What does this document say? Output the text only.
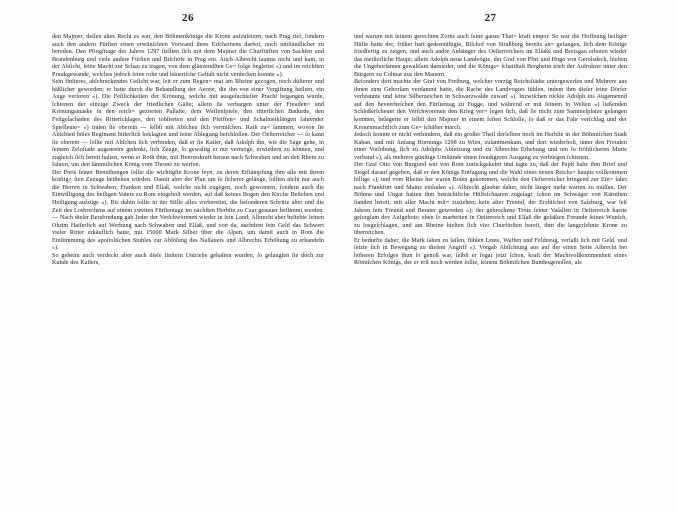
26

den Majmer, deſſen altes Recht es war, den Böhmenkönige die Krone aufzuſetzen, nach Prag rief, ſondern auch den andern Fürſten einen erwünſchten Vorwand ihres Erſcheinens darbot, noch umſtändlicher zu bereden. Den Pfingſttage des Jahres 1297 ſtellten ſich mit dem Majmer die Churfürſten von Sachſen und Brandenburg und viele andere Fürſten und Biſchöfe in Prag ein. Auch Albrecht ſaumte nicht und kam, in der Abſicht, ſeine Macht zur Schau zu tragen, von dem glänzendſten Ge= folge begleitet «) und im reichſten Pruukgewande, welches jedoch ſeine rohe und bäueriſche Geſtalt nicht verdecken konnte «).

Sein finſteres, abſchreckendes Geſicht war, ſeit er zum Regen= mat am Rheine gezogen, noch düſterer und häßlicher geworden; er hatte durch die Behandlung der Aerzte, die ihn von einer Vergiftung heilten, ein Auge verloren «). Die Feſtlichkeiten der Krönung, welche mit ausgeſuchteſter Pracht begangen wurde, ſchienen der einzige Zweck der friedlichen Gäſte; allein ſie verbargen unter der Freuden= und Krönungsmaske in den reich= gezierten Pallaſte, dem Waffenſpiele, den ritterlichen Badurde, den Feſtgelachaden des Ritterſchlages, den tobſierten und den Pfeiffen= und Schalmeiklängen fahrender Spielleute= «) traten ſie oberein — ſelbſt mit Abſcheu ſich vermiſchen. Rath zu= ſammen, wovon ſie Abſchied böſes Regiment bitterlich beklagten und ſeine Ablegung beſchloſſen. Der Oeſterreicher — ſo kann ſie oberein — ſollte mit Abſcheu ſich verbinden, daß er ſie Kaiſer, daß Adolph ihn, wie die Sage gehe, in ſeinem Zeloſiade augenreim gedenkt, ſich Zeuge, ſo gewaltig er nur vermöge, erwiedern zu können, und zugleich ſich bereit halten, wenn er Roth thue, mit Heerreskraft heraus nach Schwaben und an den Rhein zu fahren, um den ſämmtlichen König vom Throne zu werfen.

Der Preis ſeiner Bemühungen ſollte die wichtigſte Krone ſeyn, zu deren Erſtämpfung ihm alle mit ihrem kräftig= ſten Zuzuge beiſtehen würden. Damit aber der Plan um ſo ſicherer gelänge, ſollten nicht nur auch die Herren in Schwaben, Franken und Elſaß, welche nicht zugegen, noch gewonnen, ſondern auch die Einwilligung des heiligen Vaters zu Rom eingeholt werden, auf daß keines Bogen den Kirche Beſtehen und Heiligung aufzüge «). Bis dahin ſollte in der Stille alles vorbereitet, die beſonderen Schritte aber und die Zeit des Losbrechens auf einem zweiten Fürſtentage im nächſten Herbſte zu Czar genauer beſtimmt werden. — Nach dieſer Berabredung gab Jeder der Verſchworenen wieder in ſein Land; Albrecht aber beſtebte ſeinen Ohrim Haiſerlich auf Werbung nach Schwaben und Elſaß, und von da, nachdem ſein Geld das Schwert vieler Ritter erkäuflich hatte, mit 15000 Mark Silber über die Alpen, um damit auch in Rom die Einſtimmung des apoſtoliſchen Stuhles zur Ablöſung des Naſſauers und Albrechts Erhöhung zu erhandeln «).

So geheim auch verdeckt aber auch dieſe finſtern Untriebe gehalten wurden, ſo gelangten ſie doch zur Kunde des Kaiſers,

27

und warum mit ſeinem gerechten Zorns auch ſeine ganze That= kraft empor. So war die Hoffnung heiliger Hülfe hatte der, früher hart gedemüthigte, Biſchof von Straßburg bereits an= gefangen, ſich dem Könige friedfertig zu zeigen, und auch andre Anhänger des Oeſterreichers im Elſaße und Breisgau erboten wieder das meiſterliche Haupt; allein Adolph neue Landvögte, der Graf von Pfirt und Hugo von Gerolsdeck, hielten die Ungehorſamen gewaltſam darnieder, und die Königs= ſchattſtaſt Bergheim trieb der Aufruhrer unter den Bürgern zu Colmar aus den Mauern.

Beſonders dort machte der Graf von Freiburg, welcher vorzüg Reichsſtädte untergewerſen und Mehrere aus ihnen zum Gehorſam verdammt hatte, die Rache des Landvogtes fühlen, indem ihm dieſer ſeine Dörfer verbrannte und ſeine Silberzeichen in Schwarzwalde zuwarf «). Inzwiſchen rückte Adolph ins Augemennd auf den beveerbeſchen den Fürſtentag zu Fugge, und während er mit ſeinem in Weſten «) ließenden Schloßerſcheuer den Verſchworenen den Krieg ver= legen ſich, daß ſie nicht zum Sammelplatze gelangen konnten, belagerte er ſelbſt den Majmer in einem feſten Schloſſe, ſo daß er das Fahr verſchlag und der Kronenmachtlich zum Ge= ſchäfter march.

Jedoch konnte er nicht verhindern, daß ein großer Theil derſelben noch im Herbſte in der Böhmiſchen Stadt Kaban, und mit Anfang Hornungs 1298 zu Wien, zuſammenkam, und dort wiederholt, unter den Freuden einer Vorlobung, ſich zu Adolphs Abſetzung und zu Albrechts Erhebung und um ſo fröhlicheren Mutte verband «), als mehrere günſtige Umſtände einen freudigeren Ausgang zu verbürgen ſchienen.

Der Graf Otto von Burgund war von Rom zurückgekehrt und ſagte zu, daß der Papſt habe ihm Brief und Siegel darauf gegeben, daß er den Königs Entfagung und die Wahl eines neuen Reichs= haupts vollkommen billige «), und vom Rheine her waren Boten gekommen, welche den Oeſterreicher bringend zur Ein= fahrt nach Frankfurt und Mainz einluden «). Albrecht glaubte daher, nicht länger mehr warten zu müſſen. Der Böhme und Ungar hatten ihm beträchtliche Hülfsſchaaren zugeſagt; ſchon im Schwäger von Kärnthen ſtanden bereit, mit aller Macht mit= zuziehen; kein alter Freund, der Erzbiſchof von Salzburg, war ſeit Jahren ſein Freund und Berater geworden «); der gebrochene Trotz ſeiner Vaſallen in Oeſterreich harrte geſorgſam dev Aufgebots; eben ſo marbeiten in Oeſterreich und Elſaß die gefaßten Freunde ſeines Wunſch, zu losgeſchlagen, und am Rheine hielten ſich vier Churfürſten bereit, ihm die langerſehnte Krone zu überreichen.

Er bedurfte daher, die Mark ſahen zu laſſen, fühlen Leute, Waffen und Feldzeug, verlaßt ſich mit Geld, und ſetzte ſich in Bewegung zu dieſem Angriff «). Vorgab Abſichtung aus auf der einen Seite Albrecht bei höheren Erfolges thun ſo genoß war, ſelbſt er ſogar jetzt ſchon, kraft der Machtvollkommenheit eines Römiſchen Königs, der er erſt noch werden ſollte, ſeinem Böhmiſchen Bundesgenoſſen, als
